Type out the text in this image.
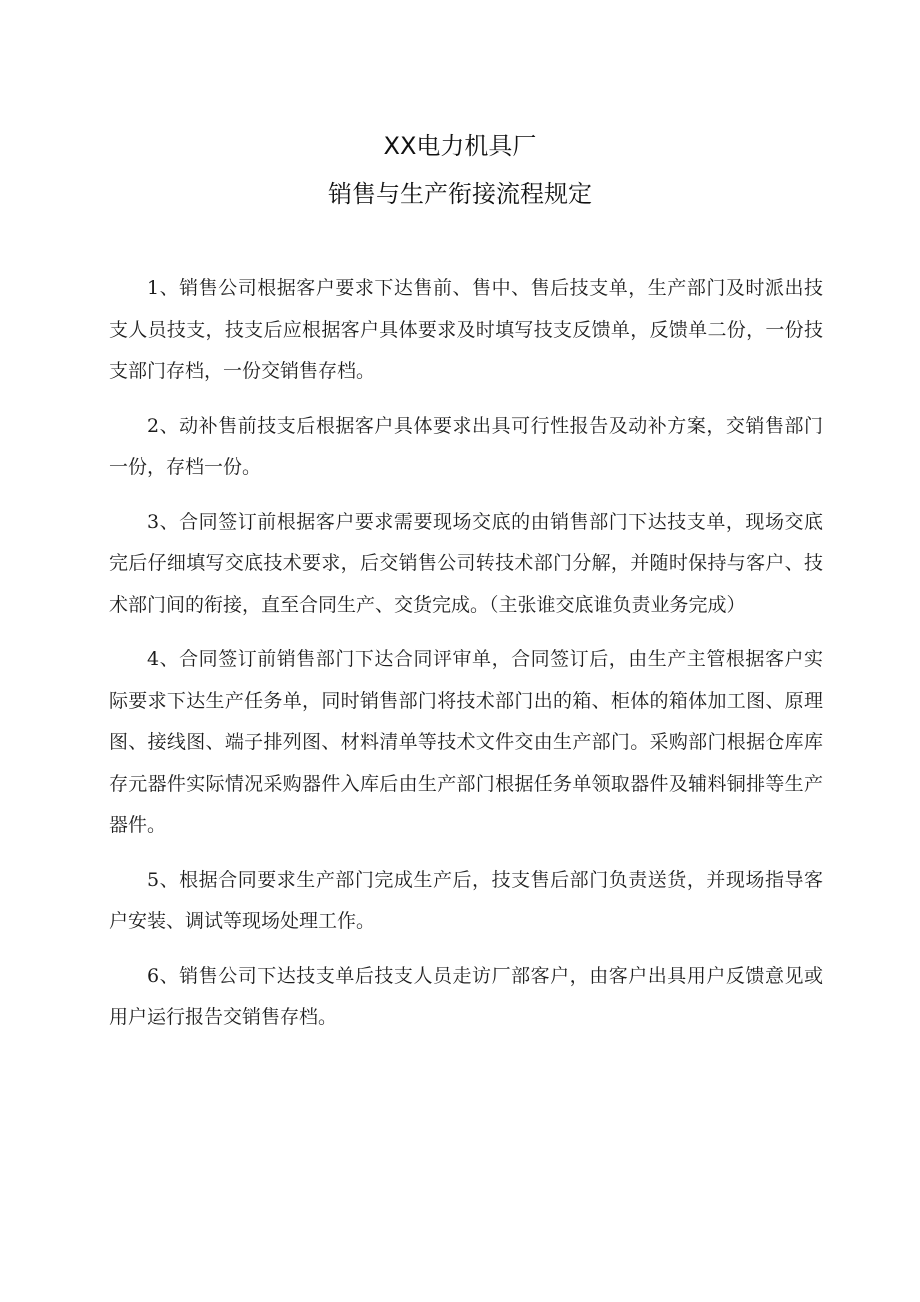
XX电力机具厂
销售与生产衔接流程规定

1、销售公司根据客户要求下达售前、售中、售后技支单，生产部门及时派出技支人员技支，技支后应根据客户具体要求及时填写技支反馈单，反馈单二份，一份技支部门存档，一份交销售存档。

2、动补售前技支后根据客户具体要求出具可行性报告及动补方案，交销售部门一份，存档一份。

3、合同签订前根据客户要求需要现场交底的由销售部门下达技支单，现场交底完后仔细填写交底技术要求，后交销售公司转技术部门分解，并随时保持与客户、技术部门间的衔接，直至合同生产、交货完成。（主张谁交底谁负责业务完成）

4、合同签订前销售部门下达合同评审单，合同签订后，由生产主管根据客户实际要求下达生产任务单，同时销售部门将技术部门出的箱、柜体的箱体加工图、原理图、接线图、端子排列图、材料清单等技术文件交由生产部门。采购部门根据仓库库存元器件实际情况采购器件入库后由生产部门根据任务单领取器件及辅料铜排等生产器件。

5、根据合同要求生产部门完成生产后，技支售后部门负责送货，并现场指导客户安装、调试等现场处理工作。

6、销售公司下达技支单后技支人员走访厂部客户，由客户出具用户反馈意见或用户运行报告交销售存档。
